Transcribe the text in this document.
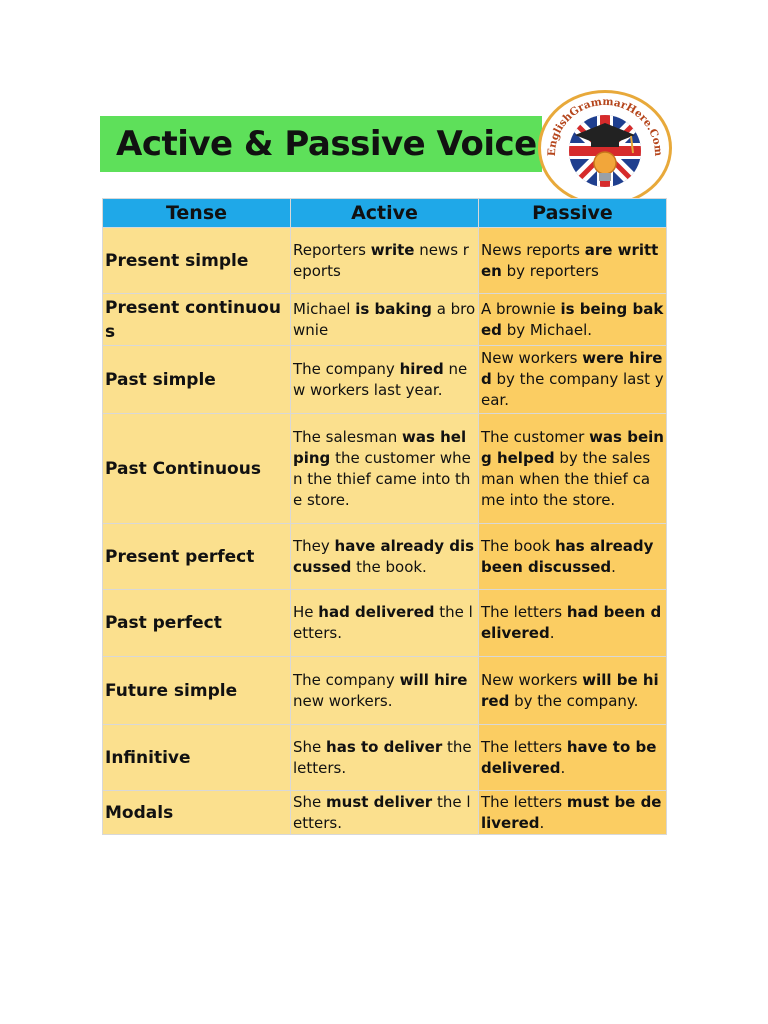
Active & Passive Voice EnglishGrammarHere.Com
Tense	Active	Passive
Present simple	Reporters write news reports	News reports are written by reporters
Present continuous	Michael is baking a brownie	A brownie is being baked by Michael.
Past simple	The company hired new workers last year.	New workers were hired by the company last year.
Past Continuous	The salesman was helping the customer when the thief came into the store.	The customer was being helped by the salesman when the thief came into the store.
Present perfect	They have already discussed the book.	The book has already been discussed.
Past perfect	He had delivered the letters.	The letters had been delivered.
Future simple	The company will hire new workers.	New workers will be hired by the company.
Infinitive	She has to deliver the letters.	The letters have to be delivered.
Modals	She must deliver the letters.	The letters must be delivered.
